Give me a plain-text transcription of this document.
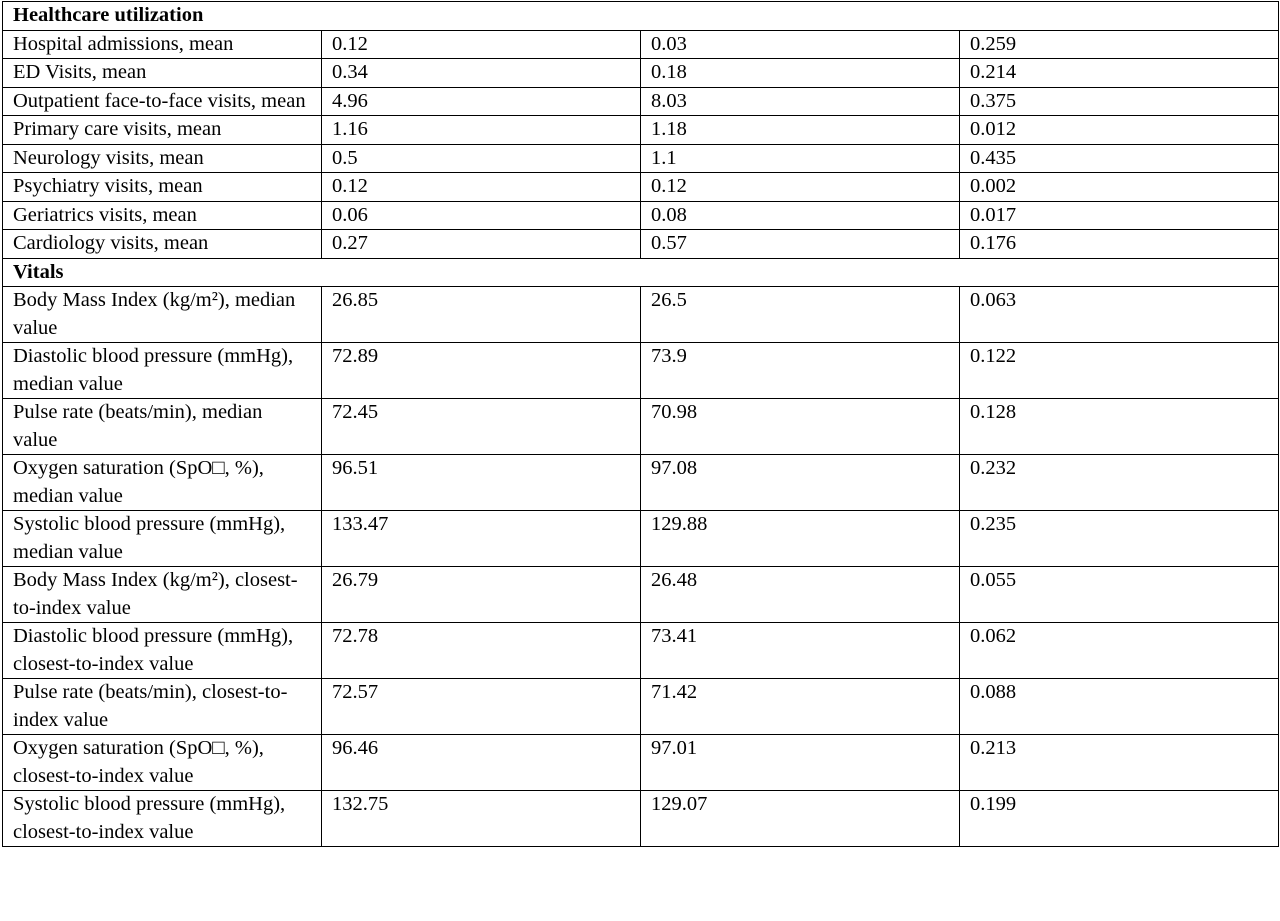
Healthcare utilization			
Hospital admissions, mean	0.12	0.03	0.259
ED Visits, mean	0.34	0.18	0.214
Outpatient face-to-face visits, mean	4.96	8.03	0.375
Primary care visits, mean	1.16	1.18	0.012
Neurology visits, mean	0.5	1.1	0.435
Psychiatry visits, mean	0.12	0.12	0.002
Geriatrics visits, mean	0.06	0.08	0.017
Cardiology visits, mean	0.27	0.57	0.176
Vitals			
Body Mass Index (kg/m²), median value	26.85	26.5	0.063
Diastolic blood pressure (mmHg), median value	72.89	73.9	0.122
Pulse rate (beats/min), median value	72.45	70.98	0.128
Oxygen saturation (SpO□, %), median value	96.51	97.08	0.232
Systolic blood pressure (mmHg), median value	133.47	129.88	0.235
Body Mass Index (kg/m²), closest-to-index value	26.79	26.48	0.055
Diastolic blood pressure (mmHg), closest-to-index value	72.78	73.41	0.062
Pulse rate (beats/min), closest-to-index value	72.57	71.42	0.088
Oxygen saturation (SpO□, %), closest-to-index value	96.46	97.01	0.213
Systolic blood pressure (mmHg), closest-to-index value	132.75	129.07	0.199
